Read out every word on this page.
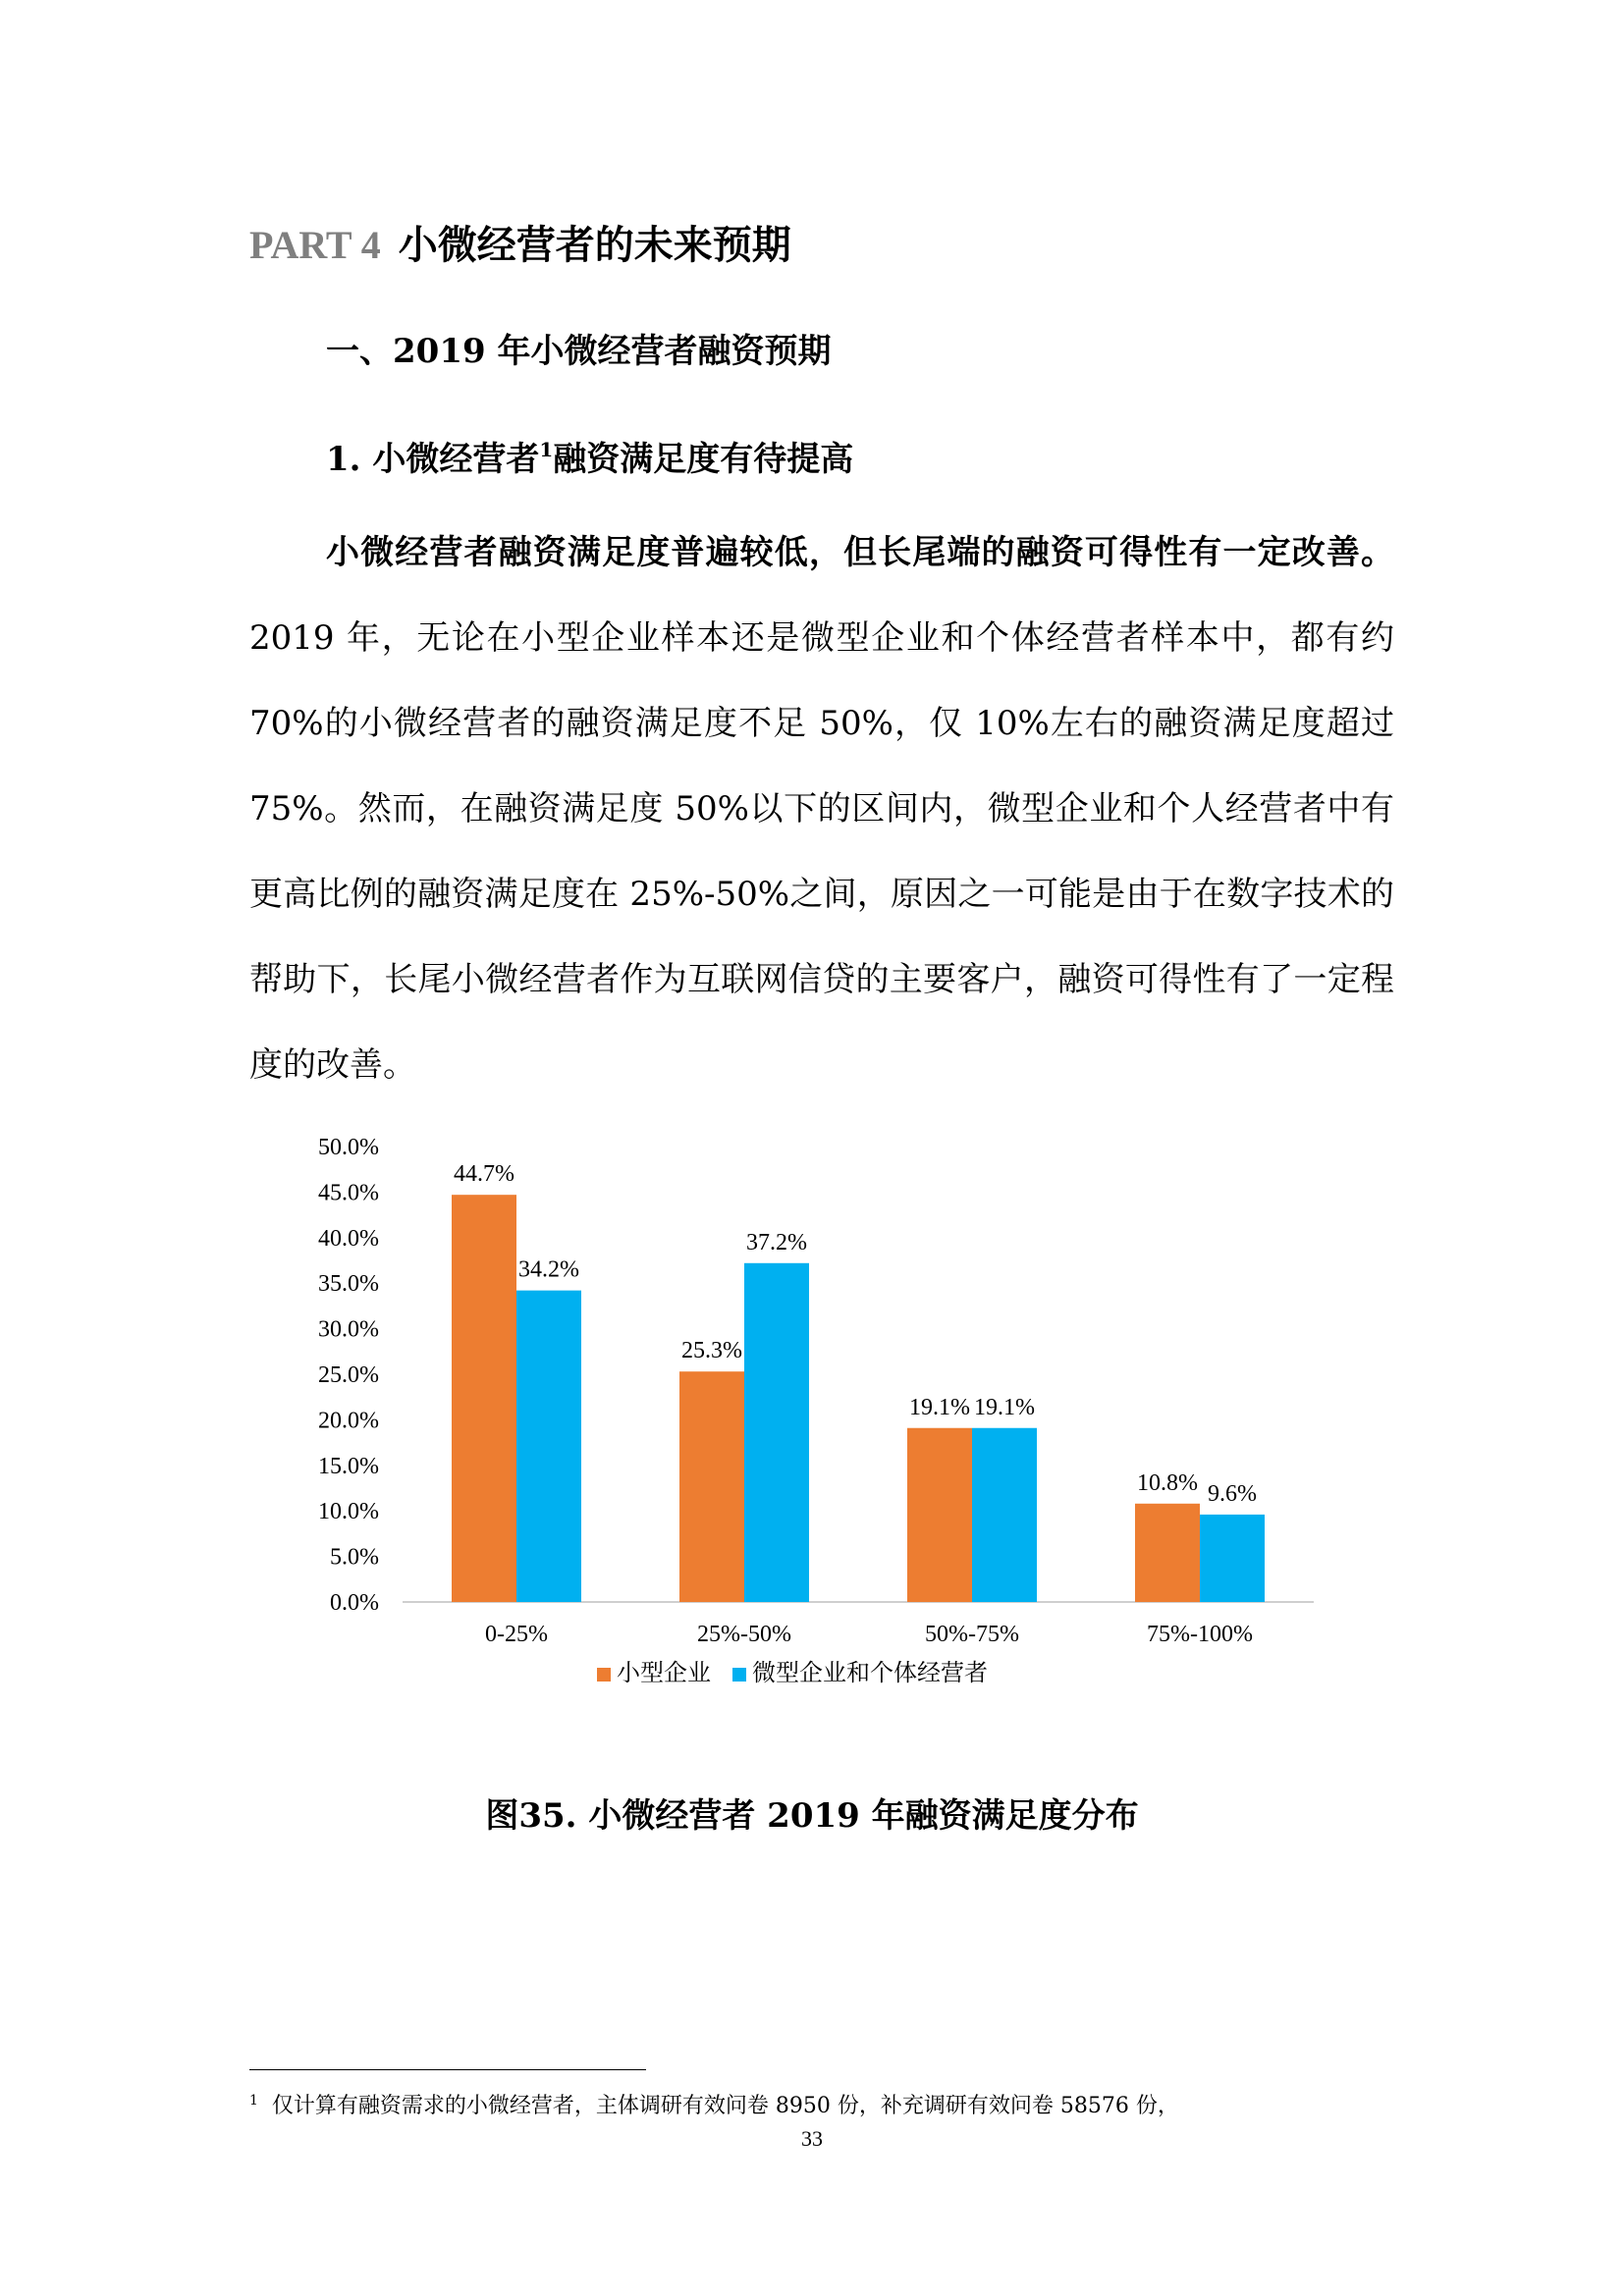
PART 4 小微经营者的未来预期
一、2019 年小微经营者融资预期
1. 小微经营者$^1$融资满足度有待提高
小微经营者融资满足度普遍较低，但长尾端的融资可得性有一定改善。2019 年，无论在小型企业样本还是微型企业和个体经营者样本中，都有约 70%的小微经营者的融资满足度不足 50%，仅 10%左右的融资满足度超过 75%。然而，在融资满足度 50%以下的区间内，微型企业和个人经营者中有更高比例的融资满足度在 25%-50%之间，原因之一可能是由于在数字技术的帮助下，长尾小微经营者作为互联网信贷的主要客户，融资可得性有了一定程度的改善。
0.0%
5.0%
10.0%
15.0%
20.0%
25.0%
30.0%
35.0%
40.0%
45.0%
50.0%
44.7%
34.2%
0-25%
25.3%
37.2%
25%-50%
19.1% 19.1%
50%-75%
10.8% 9.6%
75%-100%
小型企业 微型企业和个体经营者
图35. 小微经营者 2019 年融资满足度分布
$^1$ 仅计算有融资需求的小微经营者，主体调研有效问卷 8950 份，补充调研有效问卷 58576 份，
33
